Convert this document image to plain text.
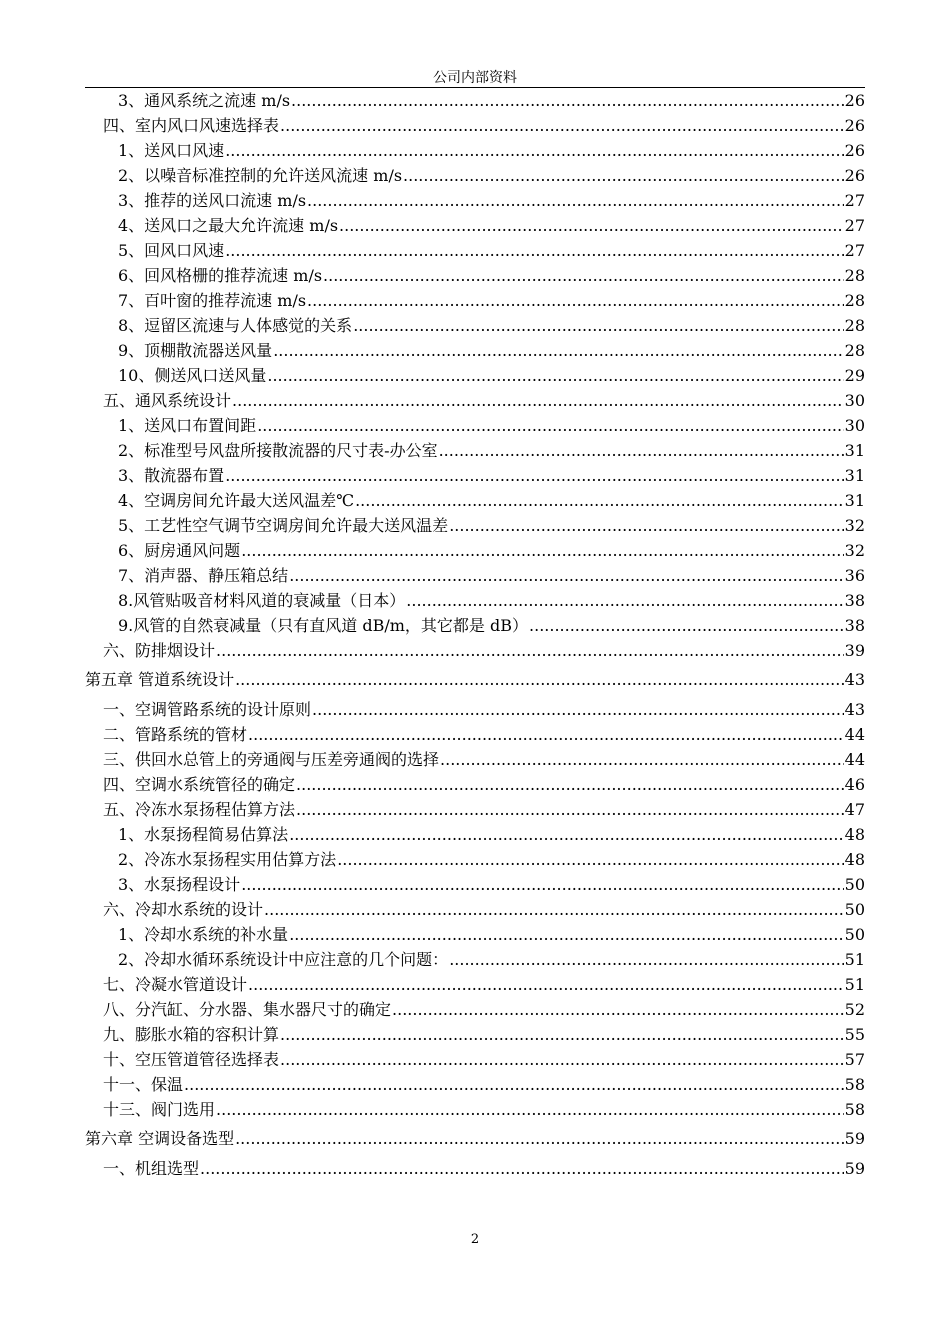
公司内部资料
3、通风系统之流速 m/s .....	26
四、室内风口风速选择表 .....	26
1、送风口风速 .....	26
2、以噪音标准控制的允许送风流速 m/s .....	26
3、推荐的送风口流速 m/s .....	27
4、送风口之最大允许流速 m/s .....	27
5、回风口风速 .....	27
6、回风格栅的推荐流速 m/s .....	28
7、百叶窗的推荐流速 m/s .....	28
8、逗留区流速与人体感觉的关系 .....	28
9、顶棚散流器送风量 .....	28
10、侧送风口送风量 .....	29
五、通风系统设计 .....	30
1、送风口布置间距 .....	30
2、标准型号风盘所接散流器的尺寸表-办公室 .....	31
3、散流器布置 .....	31
4、空调房间允许最大送风温差℃ .....	31
5、工艺性空气调节空调房间允许最大送风温差 .....	32
6、厨房通风问题 .....	32
7、消声器、静压箱总结 .....	36
8.风管贴吸音材料风道的衰减量（日本） .....	38
9.风管的自然衰减量（只有直风道 dB/m，其它都是 dB） .....	38
六、防排烟设计 .....	39
第五章 管道系统设计 .....	43
一、空调管路系统的设计原则 .....	43
二、管路系统的管材 .....	44
三、供回水总管上的旁通阀与压差旁通阀的选择 .....	44
四、空调水系统管径的确定 .....	46
五、冷冻水泵扬程估算方法 .....	47
1、水泵扬程简易估算法 .....	48
2、冷冻水泵扬程实用估算方法 .....	48
3、水泵扬程设计 .....	50
六、冷却水系统的设计 .....	50
1、冷却水系统的补水量 .....	50
2、冷却水循环系统设计中应注意的几个问题： .....	51
七、冷凝水管道设计 .....	51
八、分汽缸、分水器、集水器尺寸的确定 .....	52
九、膨胀水箱的容积计算 .....	55
十、空压管道管径选择表 .....	57
十一、保温 .....	58
十三、阀门选用 .....	58
第六章 空调设备选型 .....	59
一、机组选型 .....	59
2
